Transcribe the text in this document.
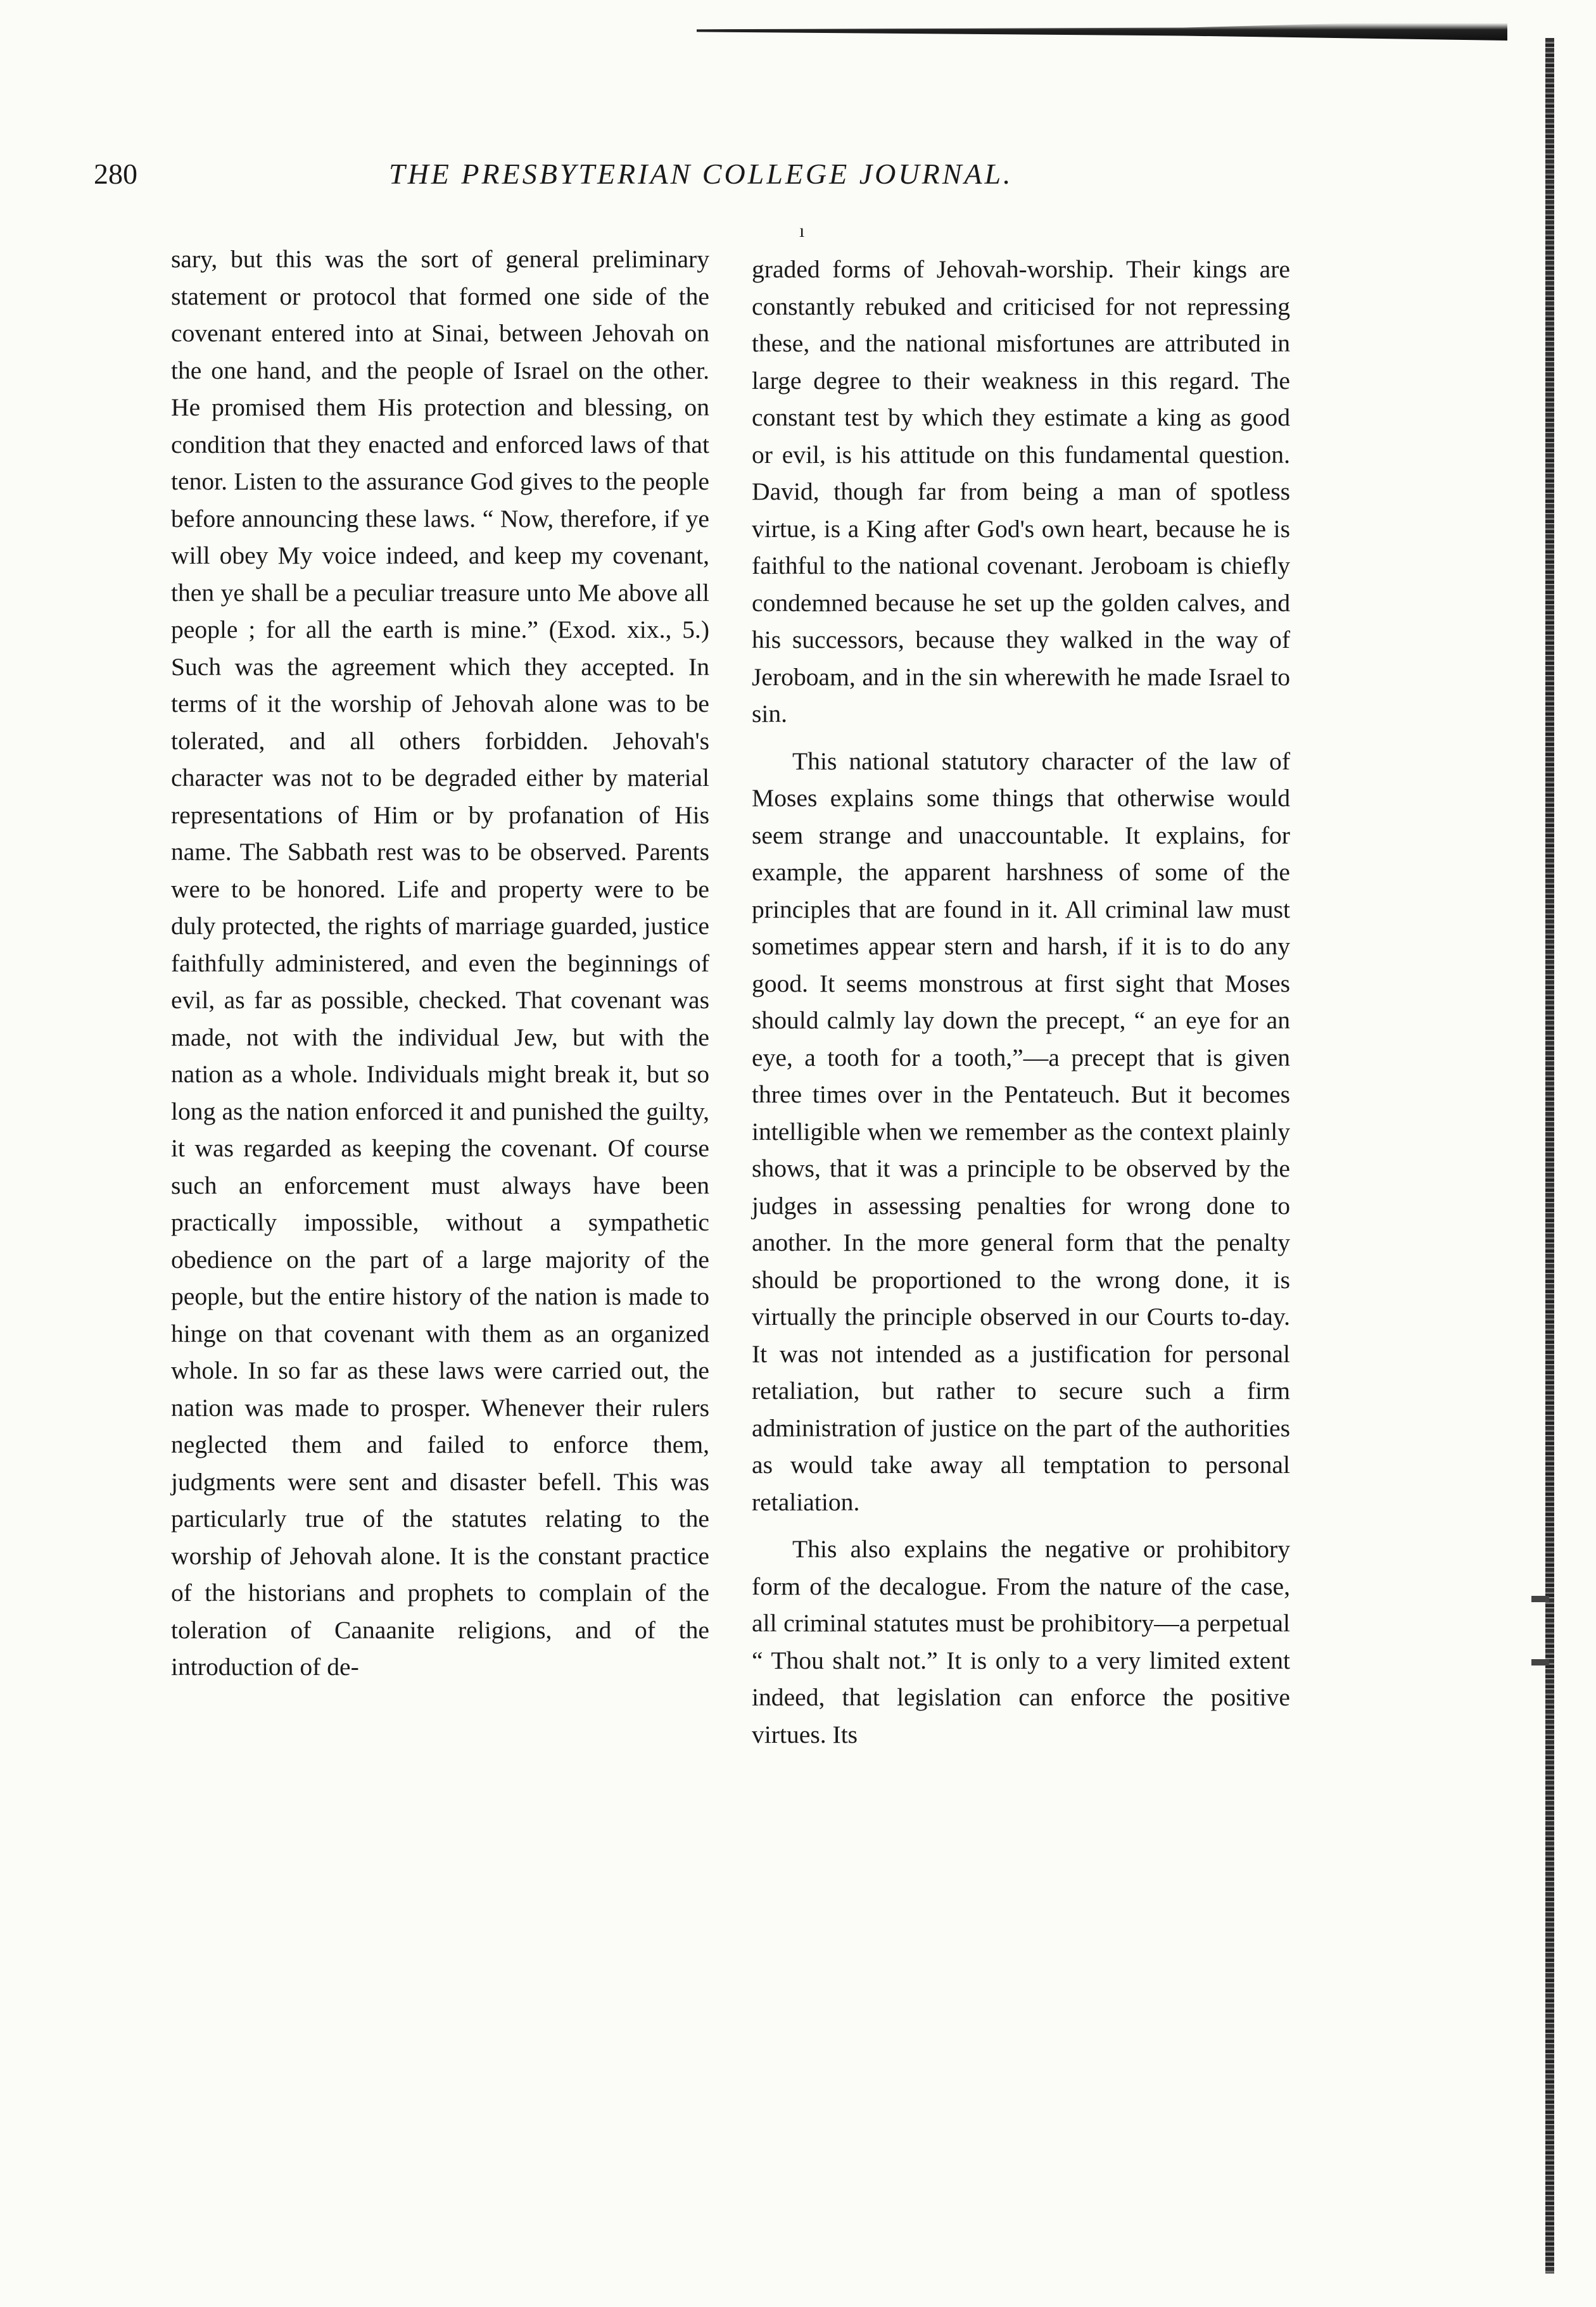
280	THE PRESBYTERIAN COLLEGE JOURNAL.
ı

sary, but this was the sort of general preliminary statement or protocol that formed one side of the covenant entered into at Sinai, between Jehovah on the one hand, and the people of Israel on the other. He promised them His protection and blessing, on condition that they enacted and enforced laws of that tenor. Listen to the assurance God gives to the people before announcing these laws. “ Now, therefore, if ye will obey My voice indeed, and keep my covenant, then ye shall be a peculiar treasure unto Me above all people ; for all the earth is mine.” (Exod. xix., 5.) Such was the agreement which they accepted. In terms of it the worship of Jehovah alone was to be tolerated, and all others forbidden. Jehovah's character was not to be degraded either by material representations of Him or by profanation of His name. The Sabbath rest was to be observed. Parents were to be honored. Life and property were to be duly protected, the rights of marriage guarded, justice faithfully administered, and even the beginnings of evil, as far as possible, checked. That covenant was made, not with the individual Jew, but with the nation as a whole. Individuals might break it, but so long as the nation enforced it and punished the guilty, it was regarded as keeping the covenant. Of course such an enforcement must always have been practically impossible, without a sympathetic obedience on the part of a large majority of the people, but the entire history of the nation is made to hinge on that covenant with them as an organized whole. In so far as these laws were carried out, the nation was made to prosper. Whenever their rulers neglected them and failed to enforce them, judgments were sent and disaster befell. This was particularly true of the statutes relating to the worship of Jehovah alone. It is the constant practice of the historians and prophets to complain of the toleration of Canaanite religions, and of the introduction of de-

graded forms of Jehovah-worship. Their kings are constantly rebuked and criticised for not repressing these, and the national misfortunes are attributed in large degree to their weakness in this regard. The constant test by which they estimate a king as good or evil, is his attitude on this fundamental question. David, though far from being a man of spotless virtue, is a King after God's own heart, because he is faithful to the national covenant. Jeroboam is chiefly condemned because he set up the golden calves, and his successors, because they walked in the way of Jeroboam, and in the sin wherewith he made Israel to sin.

This national statutory character of the law of Moses explains some things that otherwise would seem strange and unaccountable. It explains, for example, the apparent harshness of some of the principles that are found in it. All criminal law must sometimes appear stern and harsh, if it is to do any good. It seems monstrous at first sight that Moses should calmly lay down the precept, “ an eye for an eye, a tooth for a tooth,”—a precept that is given three times over in the Pentateuch. But it becomes intelligible when we remember as the context plainly shows, that it was a principle to be observed by the judges in assessing penalties for wrong done to another. In the more general form that the penalty should be proportioned to the wrong done, it is virtually the principle observed in our Courts to-day. It was not intended as a justification for personal retaliation, but rather to secure such a firm administration of justice on the part of the authorities as would take away all temptation to personal retaliation.

This also explains the negative or prohibitory form of the decalogue. From the nature of the case, all criminal statutes must be prohibitory—a perpetual “ Thou shalt not.” It is only to a very limited extent indeed, that legislation can enforce the positive virtues. Its
